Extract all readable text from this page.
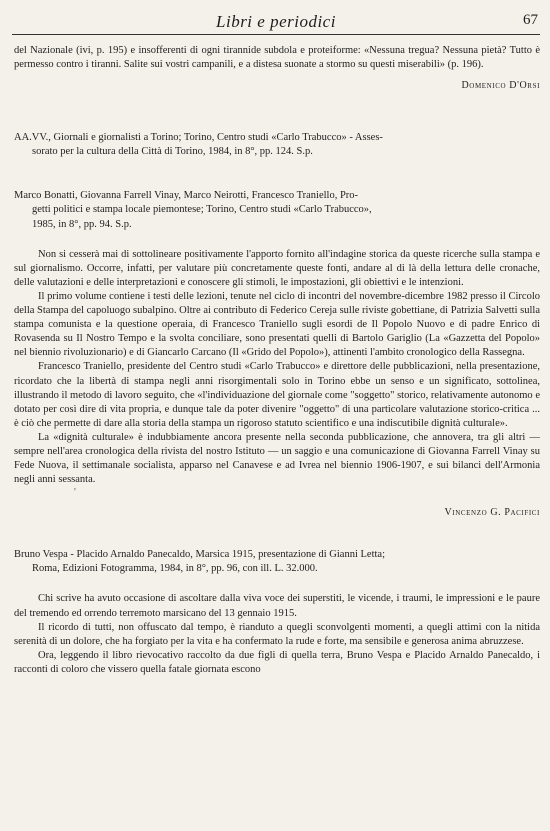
Libri e periodici	67

del Nazionale (ivi, p. 195) e insofferenti di ogni tirannide subdola e proteiforme: «Nessuna tregua? Nessuna pietà? Tutto è permesso contro i tiranni. Salite sui vostri campanili, e a distesa suonate a stormo su questi miserabili» (p. 196).

Domenico D'Orsi
AA.VV., Giornali e giornalisti a Torino; Torino, Centro studi «Carlo Trabucco» - Asses-
sorato per la cultura della Città di Torino, 1984, in 8°, pp. 124. S.p.
Marco Bonatti, Giovanna Farrell Vinay, Marco Neirotti, Francesco Traniello, Pro-
getti politici e stampa locale piemontese; Torino, Centro studi «Carlo Trabucco»,
1985, in 8°, pp. 94. S.p.

Non si cesserà mai di sottolineare positivamente l'apporto fornito all'indagine storica da queste ricerche sulla stampa e sul giornalismo. Occorre, infatti, per valutare più concretamente queste fonti, andare al di là della lettura delle cronache, delle valutazioni e delle interpretazioni e conoscere gli stimoli, le impostazioni, gli obiettivi e le intenzioni.

Il primo volume contiene i testi delle lezioni, tenute nel ciclo di incontri del novembre-dicembre 1982 presso il Circolo della Stampa del capoluogo subalpino. Oltre ai contributo di Federico Cereja sulle riviste gobettiane, di Patrizia Salvetti sulla stampa comunista e la questione operaia, di Francesco Traniello sugli esordi de Il Popolo Nuovo e di padre Enrico di Rovasenda su Il Nostro Tempo e la svolta conciliare, sono presentati quelli di Bartolo Gariglio (La «Gazzetta del Popolo» nel biennio rivoluzionario) e di Giancarlo Carcano (Il «Grido del Popolo»), attinenti l'ambito cronologico della Rassegna.

Francesco Traniello, presidente del Centro studi «Carlo Trabucco» e direttore delle pubblicazioni, nella presentazione, ricordato che la libertà di stampa negli anni risorgimentali solo in Torino ebbe un senso e un significato, sottolinea, illustrando il metodo di lavoro seguito, che «l'individuazione del giornale come "soggetto" storico, relativamente autonomo e dotato per così dire di vita propria, e dunque tale da poter divenire "oggetto" di una particolare valutazione storico-critica ... è ciò che permette di dare alla storia della stampa un rigoroso statuto scientifico e una indiscutibile dignità culturale».

La «dignità culturale» è indubbiamente ancora presente nella seconda pubblicazione, che annovera, tra gli altri — sempre nell'area cronologica della rivista del nostro Istituto — un saggio e una comunicazione di Giovanna Farrell Vinay su Fede Nuova, il settimanale socialista, apparso nel Canavese e ad Ivrea nel biennio 1906-1907, e sui bilanci dell'Armonia negli anni sessanta.

'
Vincenzo G. Pacifici
Bruno Vespa - Placido Arnaldo Panecaldo, Marsica 1915, presentazione di Gianni Letta;
Roma, Edizioni Fotogramma, 1984, in 8°, pp. 96, con ill. L. 32.000.

Chi scrive ha avuto occasione di ascoltare dalla viva voce dei superstiti, le vicende, i traumi, le impressioni e le paure del tremendo ed orrendo terremoto marsicano del 13 gennaio 1915.

Il ricordo di tutti, non offuscato dal tempo, è rianduto a quegli sconvolgenti momenti, a quegli attimi con la nitida serenità di un dolore, che ha forgiato per la vita e ha confermato la rude e forte, ma sensibile e generosa anima abruzzese.

Ora, leggendo il libro rievocativo raccolto da due figli di quella terra, Bruno Vespa e Placido Arnaldo Panecaldo, i racconti di coloro che vissero quella fatale giornata escono
